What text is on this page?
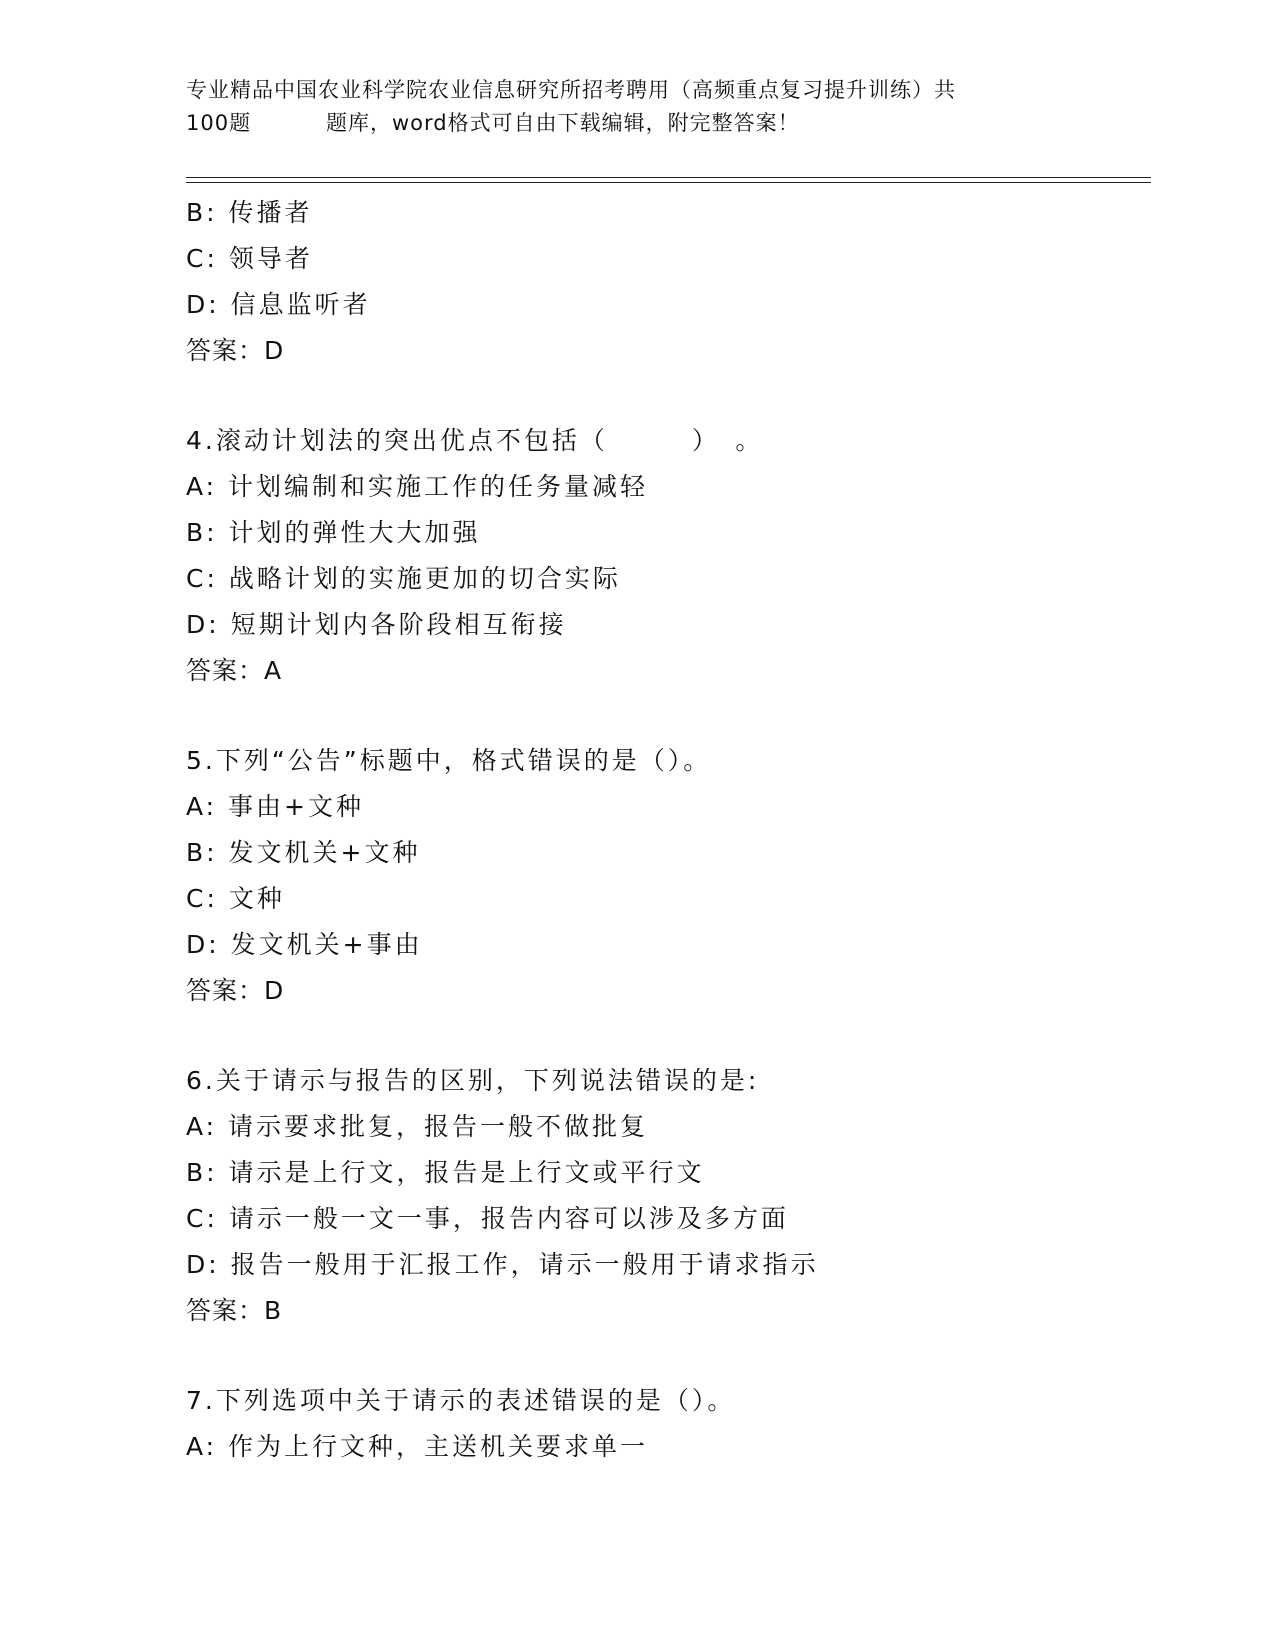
专业精品中国农业科学院农业信息研究所招考聘用（高频重点复习提升训练）共
100题	题库，word格式可自由下载编辑，附完整答案！
B: 传播者
C: 领导者
D: 信息监听者
答案：D
4.滚动计划法的突出优点不包括（　　　）　。
A: 计划编制和实施工作的任务量减轻
B: 计划的弹性大大加强
C: 战略计划的实施更加的切合实际
D: 短期计划内各阶段相互衔接
答案：A
5.下列“公告”标题中，格式错误的是（）。
A: 事由+文种
B: 发文机关+文种
C: 文种
D: 发文机关+事由
答案：D
6.关于请示与报告的区别，下列说法错误的是:
A: 请示要求批复，报告一般不做批复
B: 请示是上行文，报告是上行文或平行文
C: 请示一般一文一事，报告内容可以涉及多方面
D: 报告一般用于汇报工作，请示一般用于请求指示
答案：B
7.下列选项中关于请示的表述错误的是（）。
A: 作为上行文种，主送机关要求单一
